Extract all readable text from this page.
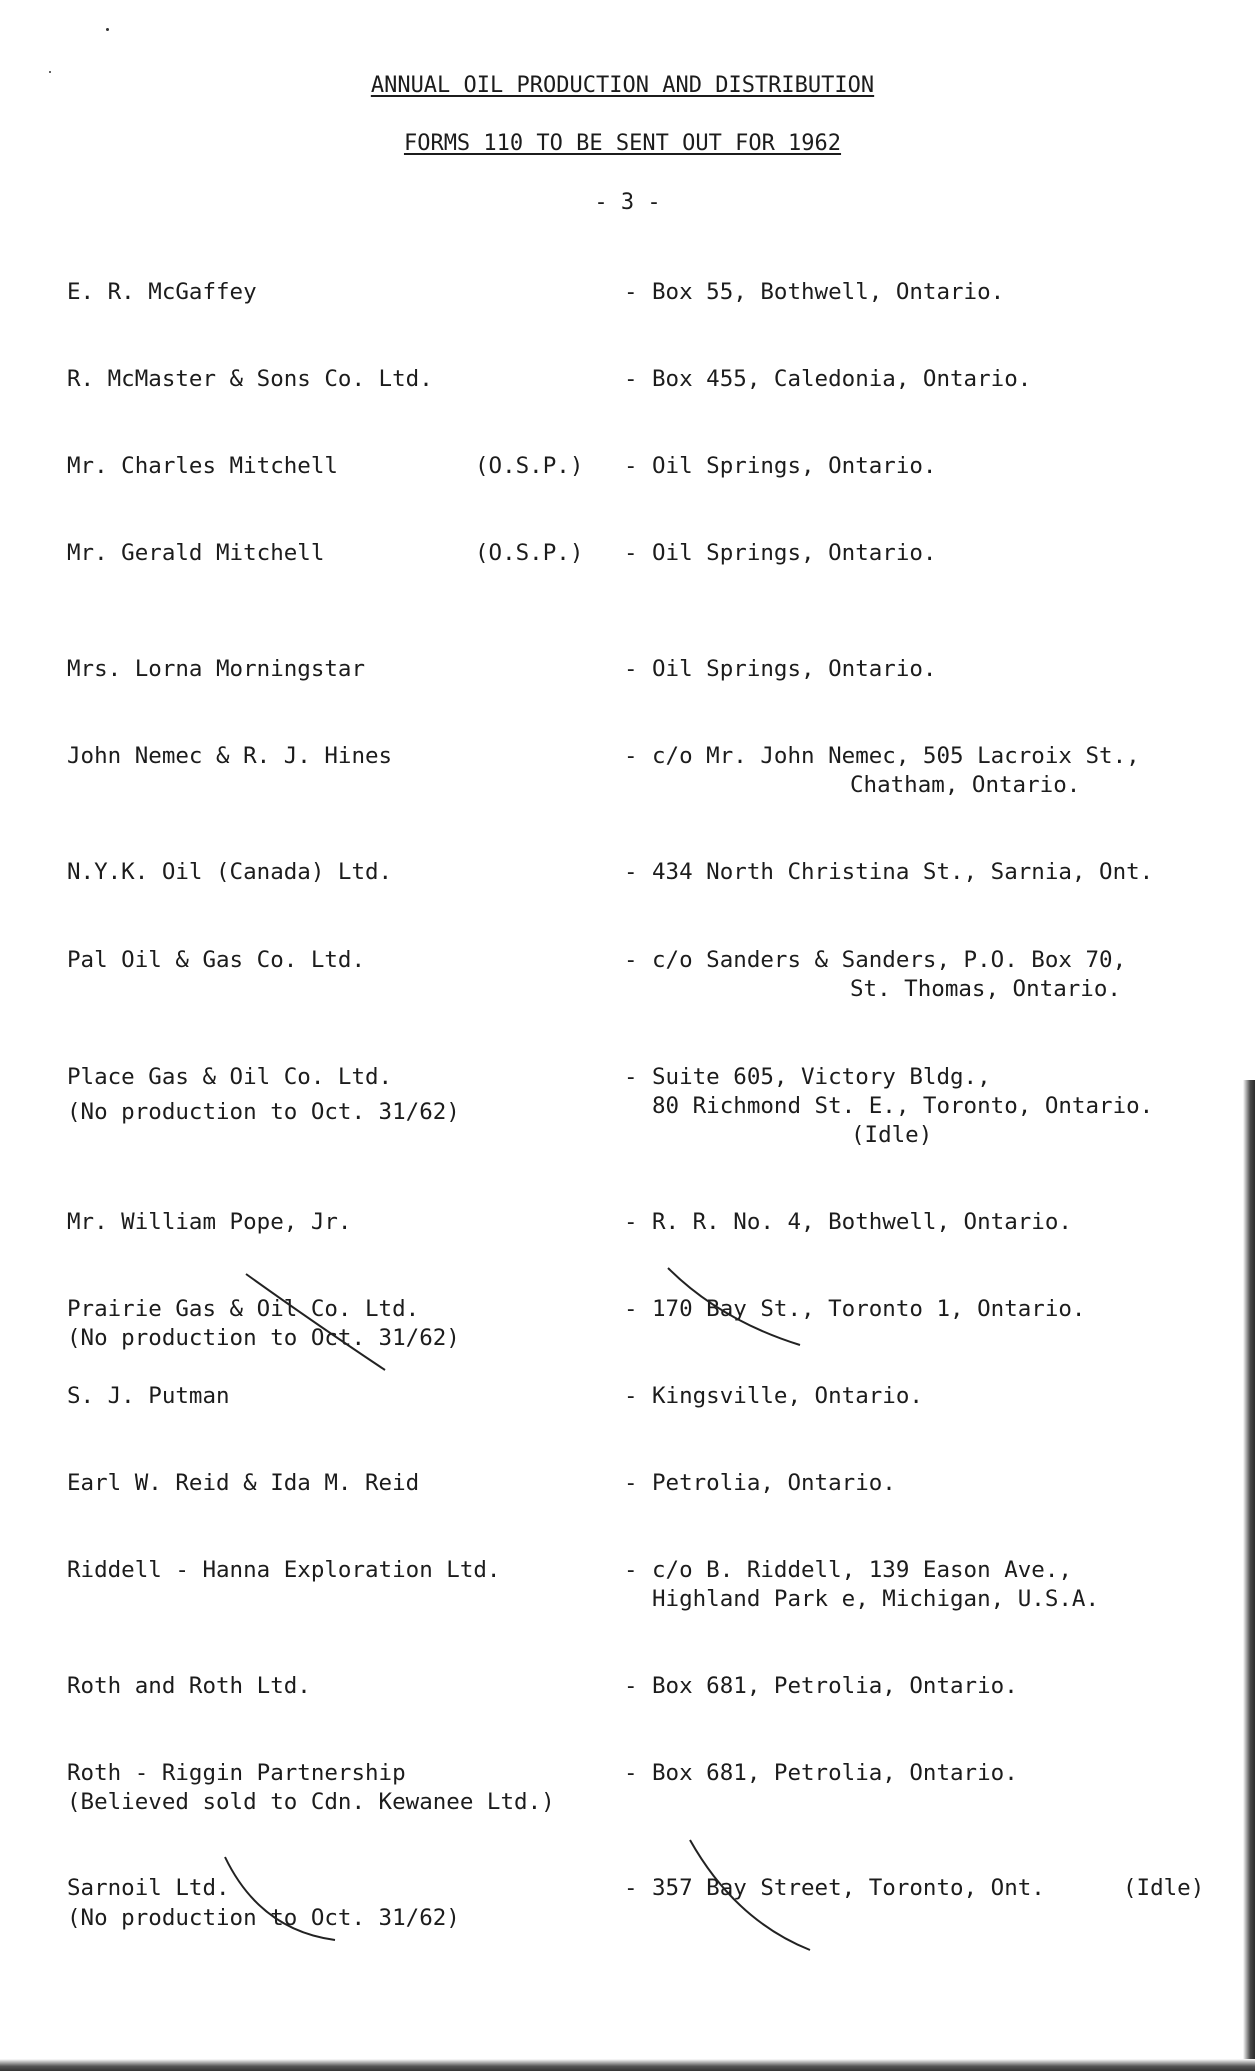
ANNUAL OIL PRODUCTION AND DISTRIBUTION
FORMS 110 TO BE SENT OUT FOR 1962
- 3 -
E. R. McGaffey	- Box 55, Bothwell, Ontario.
R. McMaster & Sons Co. Ltd.	- Box 455, Caledonia, Ontario.
Mr. Charles Mitchell	(O.S.P.) - Oil Springs, Ontario.
Mr. Gerald Mitchell	(O.S.P.) - Oil Springs, Ontario.
Mrs. Lorna Morningstar	- Oil Springs, Ontario.
John Nemec & R. J. Hines	- c/o Mr. John Nemec, 505 Lacroix St.,
Chatham, Ontario.
N.Y.K. Oil (Canada) Ltd.	- 434 North Christina St., Sarnia, Ont.
Pal Oil & Gas Co. Ltd.	- c/o Sanders & Sanders, P.O. Box 70,
St. Thomas, Ontario.
Place Gas & Oil Co. Ltd.
(No production to Oct. 31/62)
- Suite 605, Victory Bldg.,
80 Richmond St. E., Toronto, Ontario.
(Idle)
Mr. William Pope, Jr.	- R. R. No. 4, Bothwell, Ontario.
Prairie Gas & Oil Co. Ltd.
(No production to Oct. 31/62)
- 170 Bay St., Toronto 1, Ontario.
S. J. Putman	- Kingsville, Ontario.
Earl W. Reid & Ida M. Reid	- Petrolia, Ontario.
Riddell - Hanna Exploration Ltd.	- c/o B. Riddell, 139 Eason Ave.,
Highland Park e, Michigan, U.S.A.
Roth and Roth Ltd.	- Box 681, Petrolia, Ontario.
Roth - Riggin Partnership
(Believed sold to Cdn. Kewanee Ltd.)
- Box 681, Petrolia, Ontario.
Sarnoil Ltd.
(No production to Oct. 31/62)
- 357 Bay Street, Toronto, Ont.	(Idle)
